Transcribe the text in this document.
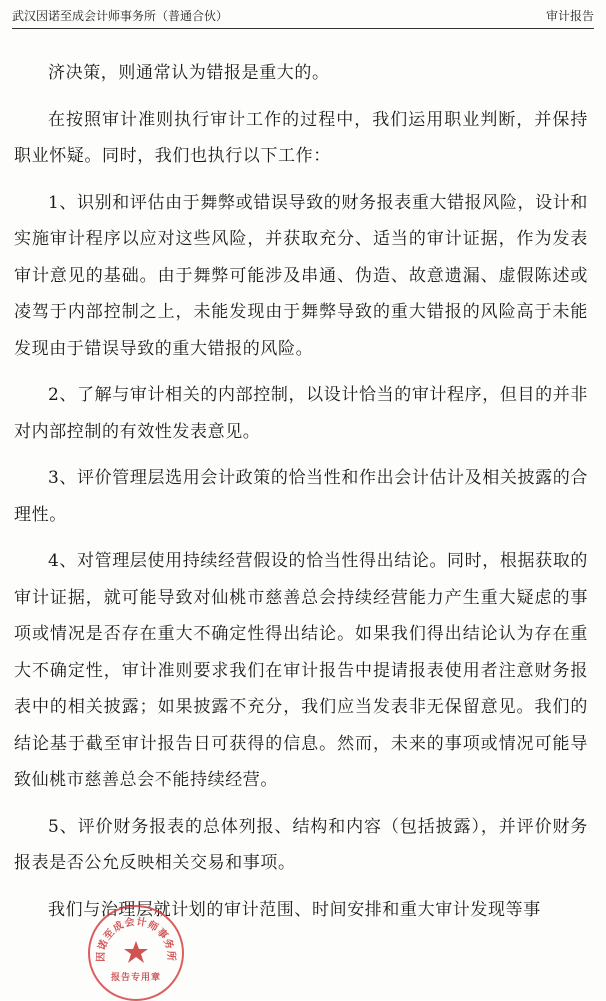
武汉因诺至成会计师事务所（普通合伙）	审计报告

济决策，则通常认为错报是重大的。

在按照审计准则执行审计工作的过程中，我们运用职业判断，并保持职业怀疑。同时，我们也执行以下工作：

1、识别和评估由于舞弊或错误导致的财务报表重大错报风险，设计和实施审计程序以应对这些风险，并获取充分、适当的审计证据，作为发表审计意见的基础。由于舞弊可能涉及串通、伪造、故意遗漏、虚假陈述或凌驾于内部控制之上，未能发现由于舞弊导致的重大错报的风险高于未能发现由于错误导致的重大错报的风险。

2、了解与审计相关的内部控制，以设计恰当的审计程序，但目的并非对内部控制的有效性发表意见。

3、评价管理层选用会计政策的恰当性和作出会计估计及相关披露的合理性。

4、对管理层使用持续经营假设的恰当性得出结论。同时，根据获取的审计证据，就可能导致对仙桃市慈善总会持续经营能力产生重大疑虑的事项或情况是否存在重大不确定性得出结论。如果我们得出结论认为存在重大不确定性，审计准则要求我们在审计报告中提请报表使用者注意财务报表中的相关披露；如果披露不充分，我们应当发表非无保留意见。我们的结论基于截至审计报告日可获得的信息。然而，未来的事项或情况可能导致仙桃市慈善总会不能持续经营。

5、评价财务报表的总体列报、结构和内容（包括披露），并评价财务报表是否公允反映相关交易和事项。

我们与治理层就计划的审计范围、时间安排和重大审计发现等事

因诺至成会计师事务所
报告专用章
